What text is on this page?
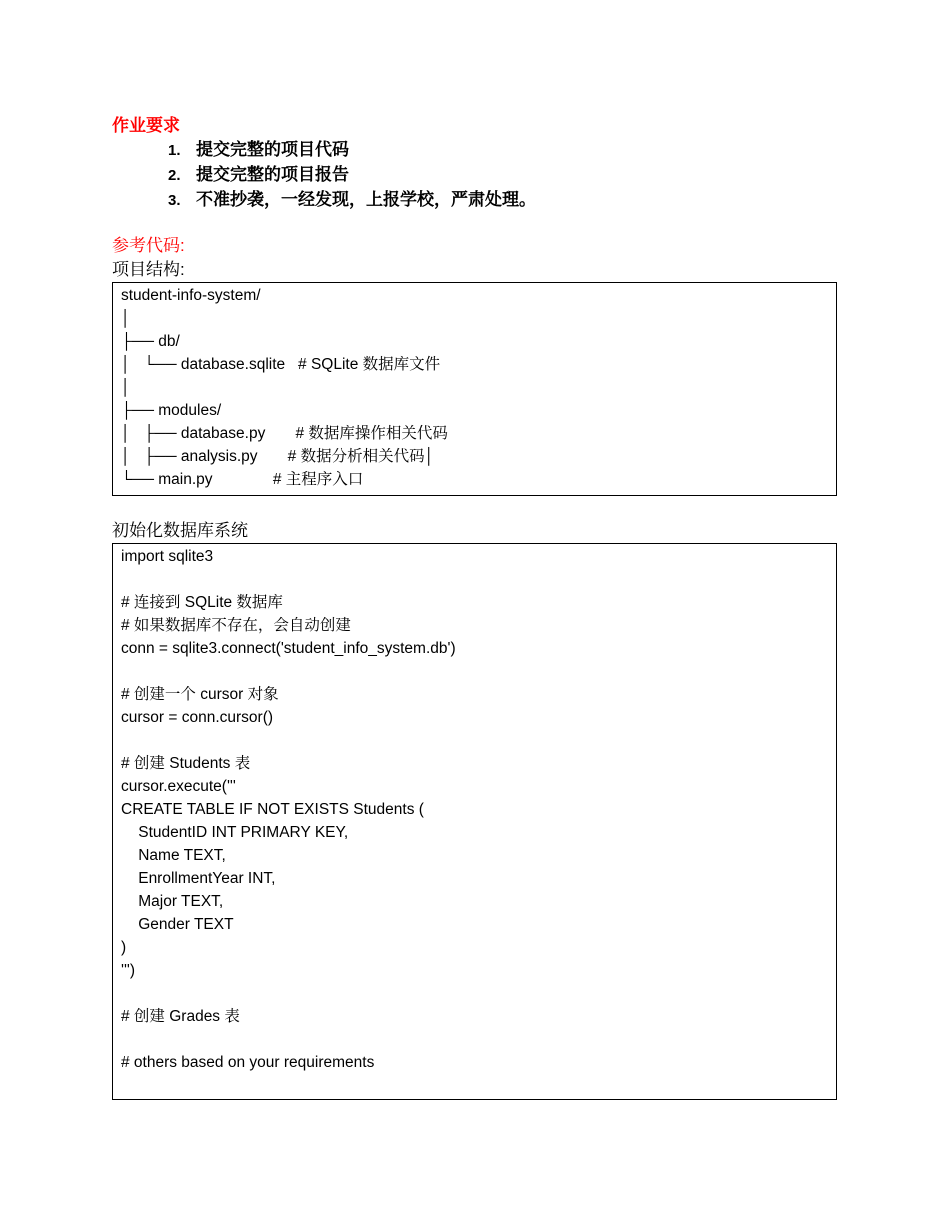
作业要求
1. 提交完整的项目代码
2. 提交完整的项目报告
3. 不准抄袭，一经发现，上报学校，严肃处理。
参考代码:
项目结构:
student-info-system/
│
├── db/
│   └── database.sqlite   # SQLite 数据库文件
│
├── modules/
│   ├── database.py       # 数据库操作相关代码
│   ├── analysis.py       # 数据分析相关代码│
└── main.py              # 主程序入口
初始化数据库系统
import sqlite3
# 连接到 SQLite 数据库
# 如果数据库不存在，会自动创建
conn = sqlite3.connect('student_info_system.db')
# 创建一个 cursor 对象
cursor = conn.cursor()
# 创建 Students 表
cursor.execute('''
CREATE TABLE IF NOT EXISTS Students (
StudentID INT PRIMARY KEY,
Name TEXT,
EnrollmentYear INT,
Major TEXT,
Gender TEXT
)
''')
# 创建 Grades 表
# others based on your requirements
